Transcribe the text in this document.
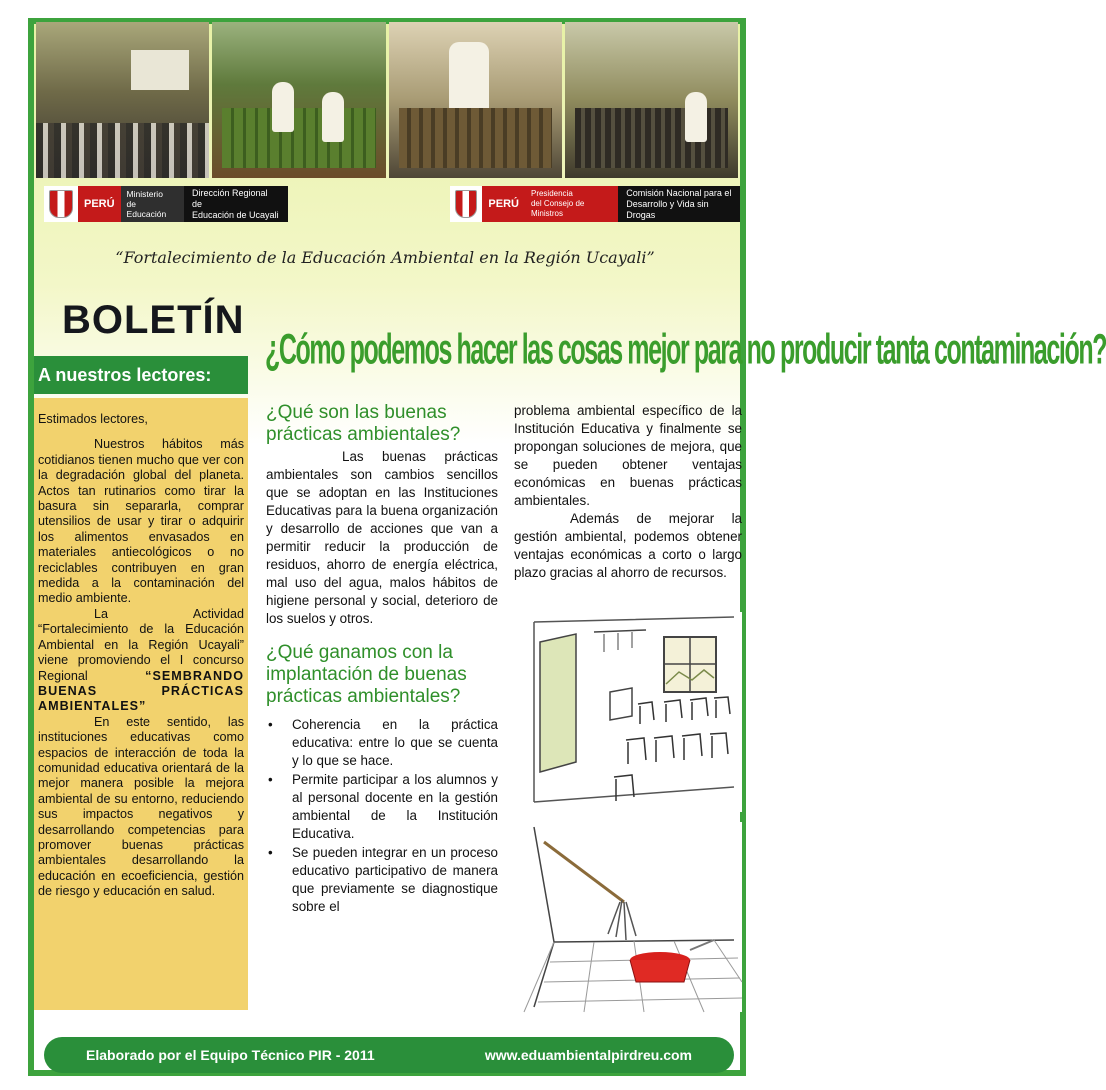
PERÚ
Ministerio
de Educación
Dirección Regional de
Educación de Ucayali
PERÚ
Presidencia
del Consejo de Ministros
Comisión Nacional para el
Desarrollo y Vida sin Drogas
“Fortalecimiento de la Educación Ambiental en la Región Ucayali”
BOLETÍN
A nuestros lectores:
¿Cómo podemos hacer las cosas mejor para no producir tanta contaminación?

Estimados lectores,

Nuestros hábitos más cotidianos tienen mucho que ver con la degradación global del planeta. Actos tan rutinarios como tirar la basura sin separarla, comprar utensilios de usar y tirar o adquirir los alimentos envasados en materiales antiecológicos o no reciclables contribuyen en gran medida a la contaminación del medio ambiente.

La Actividad “Fortalecimiento de la Educación Ambiental en la Región Ucayali” viene promoviendo el I concurso Regional “SEMBRANDO BUENAS PRÁCTICAS AMBIENTALES”

En este sentido, las instituciones educativas como espacios de interacción de toda la comunidad educativa orientará de la mejor manera posible la mejora ambiental de su entorno, reduciendo sus impactos negativos y desarrollando competencias para promover buenas prácticas ambientales desarrollando la educación en ecoeficiencia, gestión de riesgo y educación en salud.

¿Qué son las buenas prácticas ambientales?

Las buenas prácticas ambientales son cambios sencillos que se adoptan en las Instituciones Educativas para la buena organización y desarrollo de acciones que van a permitir reducir la producción de residuos, ahorro de energía eléctrica, mal uso del agua, malos hábitos de higiene personal y social, deterioro de los suelos y otros.

¿Qué ganamos con la implantación de buenas prácticas ambientales?
• Coherencia en la práctica educativa: entre lo que se cuenta y lo que se hace.
• Permite participar a los alumnos y al personal docente en la gestión ambiental de la Institución Educativa.
• Se pueden integrar en un proceso educativo participativo de manera que previamente se diagnostique sobre el

problema ambiental específico de la Institución Educativa y finalmente se propongan soluciones de mejora, que se pueden obtener ventajas económicas en buenas prácticas ambientales.

Además de mejorar la gestión ambiental, podemos obtener ventajas económicas a corto o largo plazo gracias al ahorro de recursos.

Elaborado por el Equipo Técnico PIR - 2011	www.eduambientalpirdreu.com
